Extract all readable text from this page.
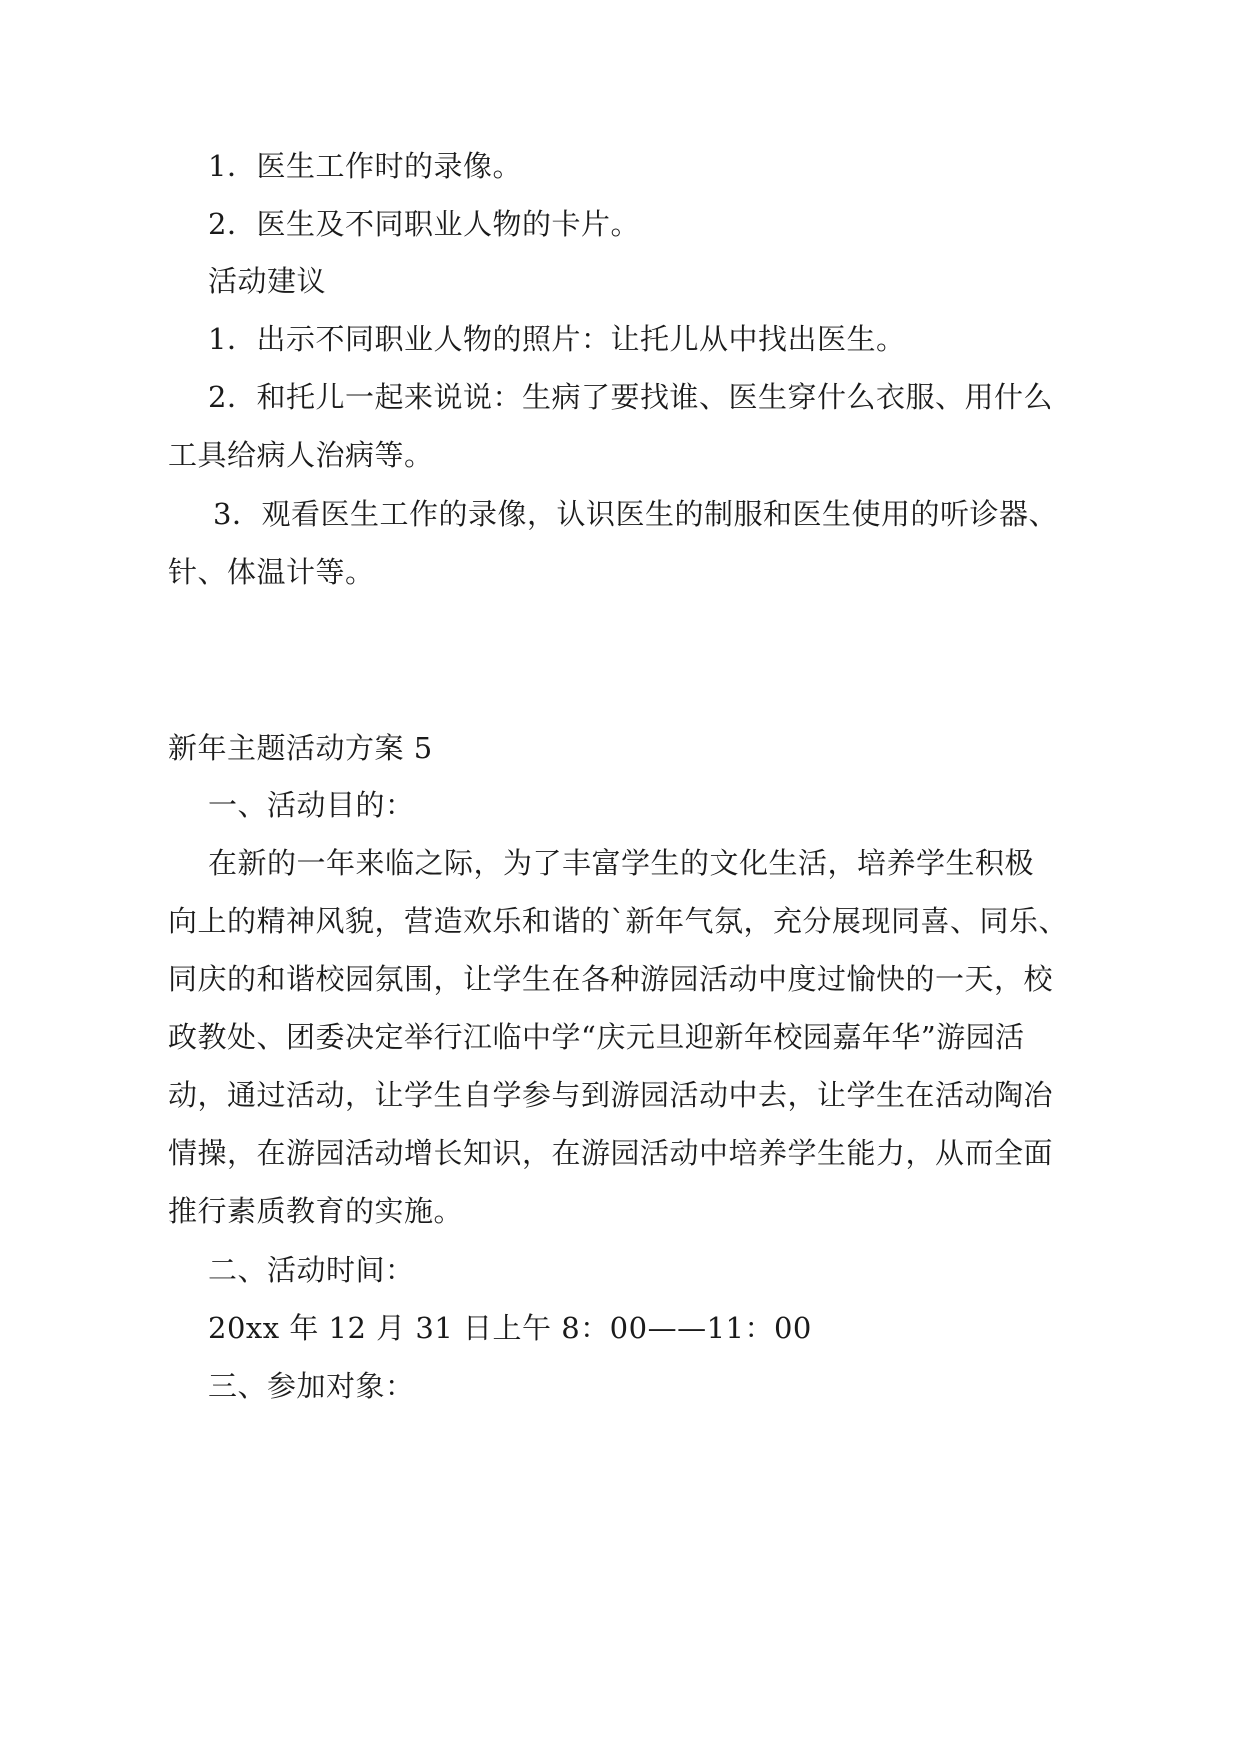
1．医生工作时的录像。
2．医生及不同职业人物的卡片。
活动建议
1．出示不同职业人物的照片：让托儿从中找出医生。
2．和托儿一起来说说：生病了要找谁、医生穿什么衣服、用什么
工具给病人治病等。
3．观看医生工作的录像，认识医生的制服和医生使用的听诊器、
针、体温计等。
新年主题活动方案 5
一、活动目的：
在新的一年来临之际，为了丰富学生的文化生活，培养学生积极
向上的精神风貌，营造欢乐和谐的`新年气氛，充分展现同喜、同乐、
同庆的和谐校园氛围，让学生在各种游园活动中度过愉快的一天，校
政教处、团委决定举行江临中学“庆元旦迎新年校园嘉年华”游园活
动，通过活动，让学生自学参与到游园活动中去，让学生在活动陶冶
情操，在游园活动增长知识，在游园活动中培养学生能力，从而全面
推行素质教育的实施。
二、活动时间：
20xx 年 12 月 31 日上午 8：00——11：00
三、参加对象：
